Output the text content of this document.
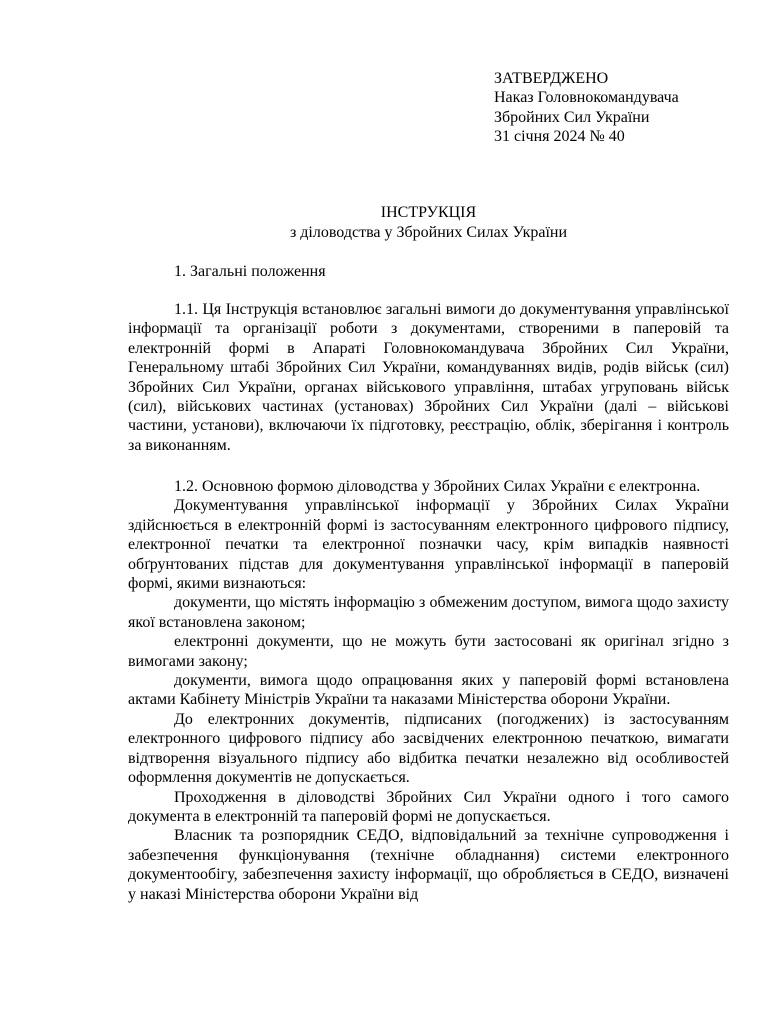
ЗАТВЕРДЖЕНО
Наказ Головнокомандувача
Збройних Сил України
31 січня 2024 № 40
ІНСТРУКЦІЯ
з діловодства у Збройних Силах України
1. Загальні положення

1.1. Ця Інструкція встановлює загальні вимоги до документування управлінської інформації та організації роботи з документами, створеними в паперовій та електронній формі в Апараті Головнокомандувача Збройних Сил України, Генеральному штабі Збройних Сил України, командуваннях видів, родів військ (сил) Збройних Сил України, органах військового управління, штабах угруповань військ (сил), військових частинах (установах) Збройних Сил України (далі – військові частини, установи), включаючи їх підготовку, реєстрацію, облік, зберігання і контроль за виконанням.

1.2. Основною формою діловодства у Збройних Силах України є електронна.

Документування управлінської інформації у Збройних Силах України здійснюється в електронній формі із застосуванням електронного цифрового підпису, електронної печатки та електронної позначки часу, крім випадків наявності обґрунтованих підстав для документування управлінської інформації в паперовій формі, якими визнаються:

документи, що містять інформацію з обмеженим доступом, вимога щодо захисту якої встановлена законом;

електронні документи, що не можуть бути застосовані як оригінал згідно з вимогами закону;

документи, вимога щодо опрацювання яких у паперовій формі встановлена актами Кабінету Міністрів України та наказами Міністерства оборони України.

До електронних документів, підписаних (погоджених) із застосуванням електронного цифрового підпису або засвідчених електронною печаткою, вимагати відтворення візуального підпису або відбитка печатки незалежно від особливостей оформлення документів не допускається.

Проходження в діловодстві Збройних Сил України одного і того самого документа в електронній та паперовій формі не допускається.

Власник та розпорядник СЕДО, відповідальний за технічне супроводження і забезпечення функціонування (технічне обладнання) системи електронного документообігу, забезпечення захисту інформації, що обробляється в СЕДО, визначені у наказі Міністерства оборони України від
